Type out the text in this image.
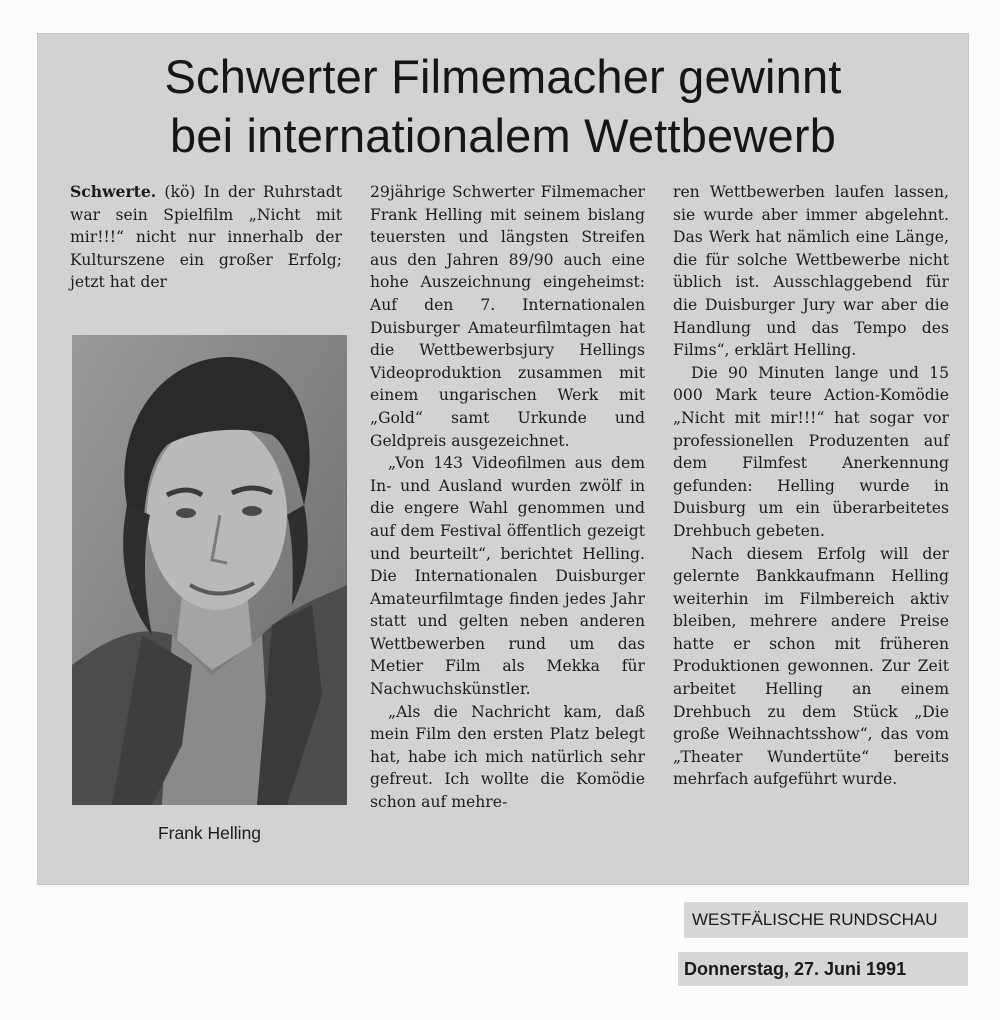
Schwerter Filmemacher gewinnt
bei internationalem Wettbewerb

Schwerte. (kö) In der Ruhrstadt war sein Spielfilm „Nicht mit mir!!!“ nicht nur innerhalb der Kulturszene ein großer Erfolg; jetzt hat der

Frank Helling

29jährige Schwerter Filmemacher Frank Helling mit seinem bislang teuersten und längsten Streifen aus den Jahren 89/90 auch eine hohe Auszeichnung eingeheimst: Auf den 7. Internationalen Duisburger Amateurfilmtagen hat die Wettbewerbsjury Hellings Videoproduktion zusammen mit einem ungarischen Werk mit „Gold“ samt Urkunde und Geldpreis ausgezeichnet.

„Von 143 Videofilmen aus dem In- und Ausland wurden zwölf in die engere Wahl genommen und auf dem Festival öffentlich gezeigt und beurteilt“, berichtet Helling. Die Internationalen Duisburger Amateurfilmtage finden jedes Jahr statt und gelten neben anderen Wettbewerben rund um das Metier Film als Mekka für Nachwuchskünstler.

„Als die Nachricht kam, daß mein Film den ersten Platz belegt hat, habe ich mich natürlich sehr gefreut. Ich wollte die Komödie schon auf mehre-

ren Wettbewerben laufen lassen, sie wurde aber immer abgelehnt. Das Werk hat nämlich eine Länge, die für solche Wettbewerbe nicht üblich ist. Ausschlaggebend für die Duisburger Jury war aber die Handlung und das Tempo des Films“, erklärt Helling.

Die 90 Minuten lange und 15 000 Mark teure Action-Komödie „Nicht mit mir!!!“ hat sogar vor professionellen Produzenten auf dem Filmfest Anerkennung gefunden: Helling wurde in Duisburg um ein überarbeitetes Drehbuch gebeten.

Nach diesem Erfolg will der gelernte Bankkaufmann Helling weiterhin im Filmbereich aktiv bleiben, mehrere andere Preise hatte er schon mit früheren Produktionen gewonnen. Zur Zeit arbeitet Helling an einem Drehbuch zu dem Stück „Die große Weihnachtsshow“, das vom „Theater Wundertüte“ bereits mehrfach aufgeführt wurde.

WESTFÄLISCHE RUNDSCHAU
Donnerstag, 27. Juni 1991
